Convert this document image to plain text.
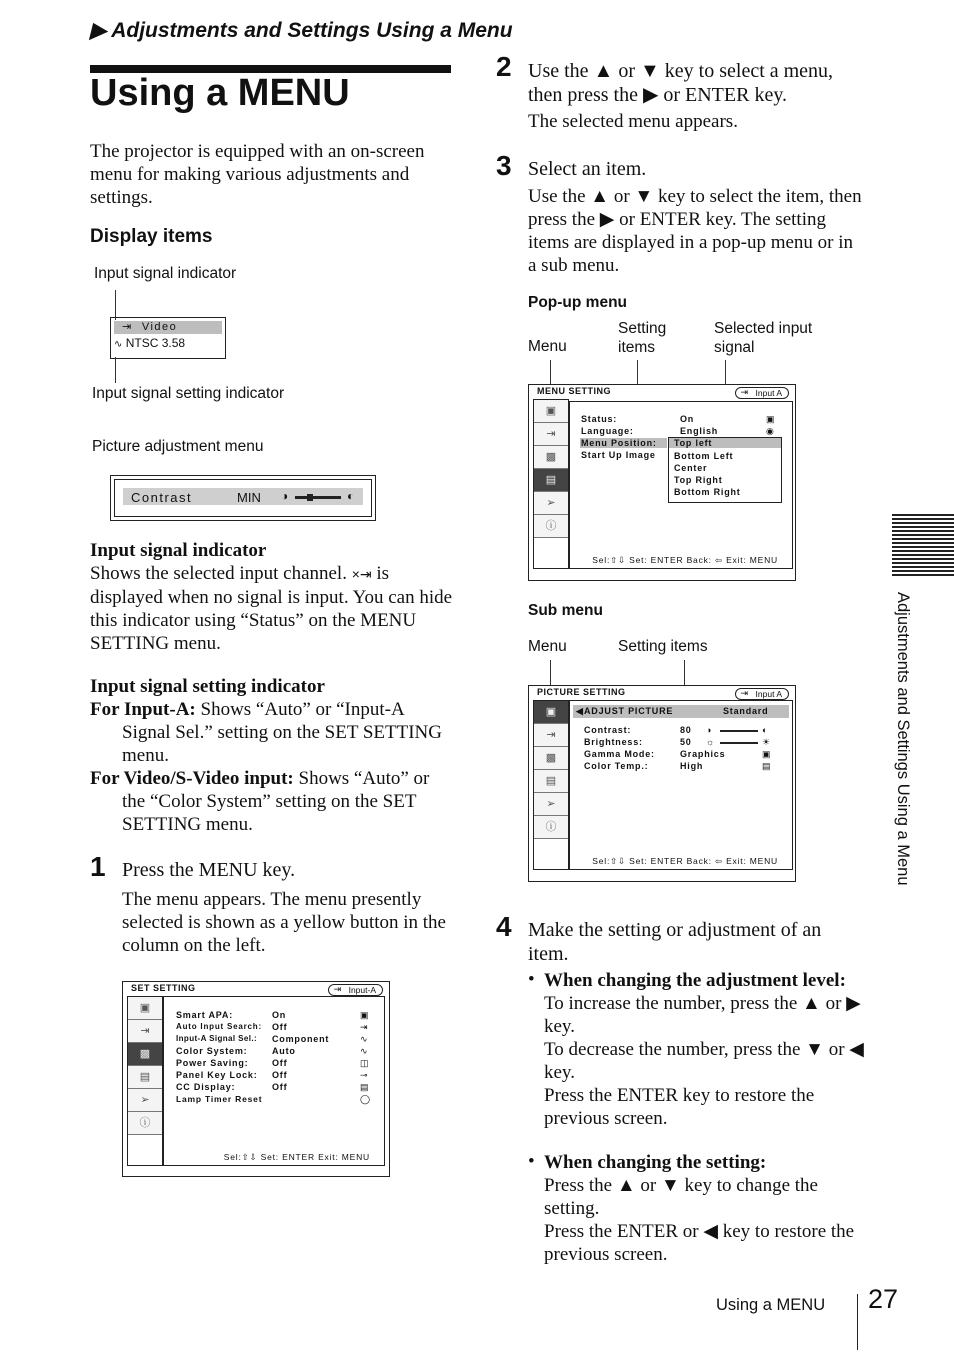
▶ Adjustments and Settings Using a Menu
Using a MENU
The projector is equipped with an on-screen menu for making various adjustments and settings.
Display items
Input signal indicator
⇥ Video
∿ NTSC 3.58
Input signal setting indicator
Picture adjustment menu
Contrast	MIN ◑	◐
Input signal indicator
Shows the selected input channel. ×⇥ is displayed when no signal is input. You can hide this indicator using “Status” on the MENU SETTING menu.
Input signal setting indicator
For Input-A: Shows “Auto” or “Input-A Signal Sel.” setting on the SET SETTING menu.
For Video/S-Video input: Shows “Auto” or the “Color System” setting on the SET SETTING menu.
1 Press the MENU key.
The menu appears. The menu presently selected is shown as a yellow button in the column on the left.
SET SETTING	⇥ Input-A
▣
⇥
▩
▤
➢
ⓘ
Smart APA:	On	▣
Auto Input Search: Off	⇥
Input-A Signal Sel.: Component	∿
Color System:	Auto	∿
Power Saving:	Off	◫
Panel Key Lock: Off	⊸
CC Display:	Off	▤
Lamp Timer Reset	◯
Sel:⇧⇩ Set: ENTER Exit: MENU
2 Use the ▲ or ▼ key to select a menu, then press the ▶ or ENTER key.
The selected menu appears.
3 Select an item.
Use the ▲ or ▼ key to select the item, then press the ▶ or ENTER key. The setting items are displayed in a pop-up menu or in a sub menu.
Pop-up menu
Menu
Setting
items
Selected input
signal
MENU SETTING	⇥ Input A
▣
⇥
▩
▤
➢
ⓘ
Status:	On	▣
Language:	English	◉
Menu Position:
Start Up Image
Top left
Bottom Left
Center
Top Right
Bottom Right
Sel:⇧⇩ Set: ENTER Back: ⇦ Exit: MENU
Sub menu
Menu	Setting items
PICTURE SETTING	⇥ Input A
▣
⇥
▩
▤
➢
ⓘ
◀ ADJUST PICTURE	Standard
Contrast:	80 ◑	◐
Brightness:	50 ☼	☀
Gamma Mode:	Graphics	▣
Color Temp.:	High	▤
Sel:⇧⇩ Set: ENTER Back: ⇦ Exit: MENU
4 Make the setting or adjustment of an item.
• When changing the adjustment level:
To increase the number, press the ▲ or ▶ key.
To decrease the number, press the ▼ or ◀ key.
Press the ENTER key to restore the previous screen.
• When changing the setting:
Press the ▲ or ▼ key to change the setting.
Press the ENTER or ◀ key to restore the previous screen.
Adjustments and Settings Using a Menu
Using a MENU 27
